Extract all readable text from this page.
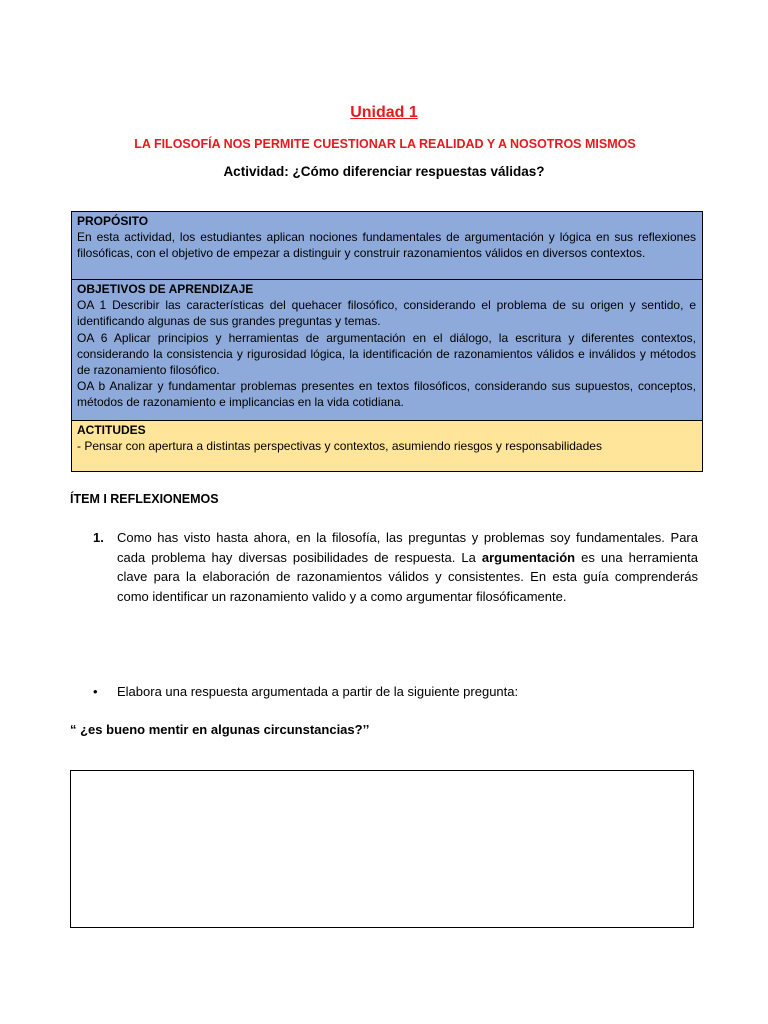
Unidad 1
LA FILOSOFÍA NOS PERMITE CUESTIONAR LA REALIDAD Y A NOSOTROS MISMOS
Actividad: ¿Cómo diferenciar respuestas válidas?
PROPÓSITO
En esta actividad, los estudiantes aplican nociones fundamentales de argumentación y lógica en sus reflexiones filosóficas, con el objetivo de empezar a distinguir y construir razonamientos válidos en diversos contextos.
OBJETIVOS DE APRENDIZAJE
OA 1 Describir las características del quehacer filosófico, considerando el problema de su origen y sentido, e identificando algunas de sus grandes preguntas y temas.
OA 6 Aplicar principios y herramientas de argumentación en el diálogo, la escritura y diferentes contextos, considerando la consistencia y rigurosidad lógica, la identificación de razonamientos válidos e inválidos y métodos de razonamiento filosófico.
OA b Analizar y fundamentar problemas presentes en textos filosóficos, considerando sus supuestos, conceptos, métodos de razonamiento e implicancias en la vida cotidiana.
ACTITUDES
- Pensar con apertura a distintas perspectivas y contextos, asumiendo riesgos y responsabilidades
ÍTEM I REFLEXIONEMOS
1. Como has visto hasta ahora, en la filosofía, las preguntas y problemas soy fundamentales. Para cada problema hay diversas posibilidades de respuesta. La argumentación es una herramienta clave para la elaboración de razonamientos válidos y consistentes. En esta guía comprenderás como identificar un razonamiento valido y a como argumentar filosóficamente.
• Elabora una respuesta argumentada a partir de la siguiente pregunta:
“ ¿es bueno mentir en algunas circunstancias?’’
